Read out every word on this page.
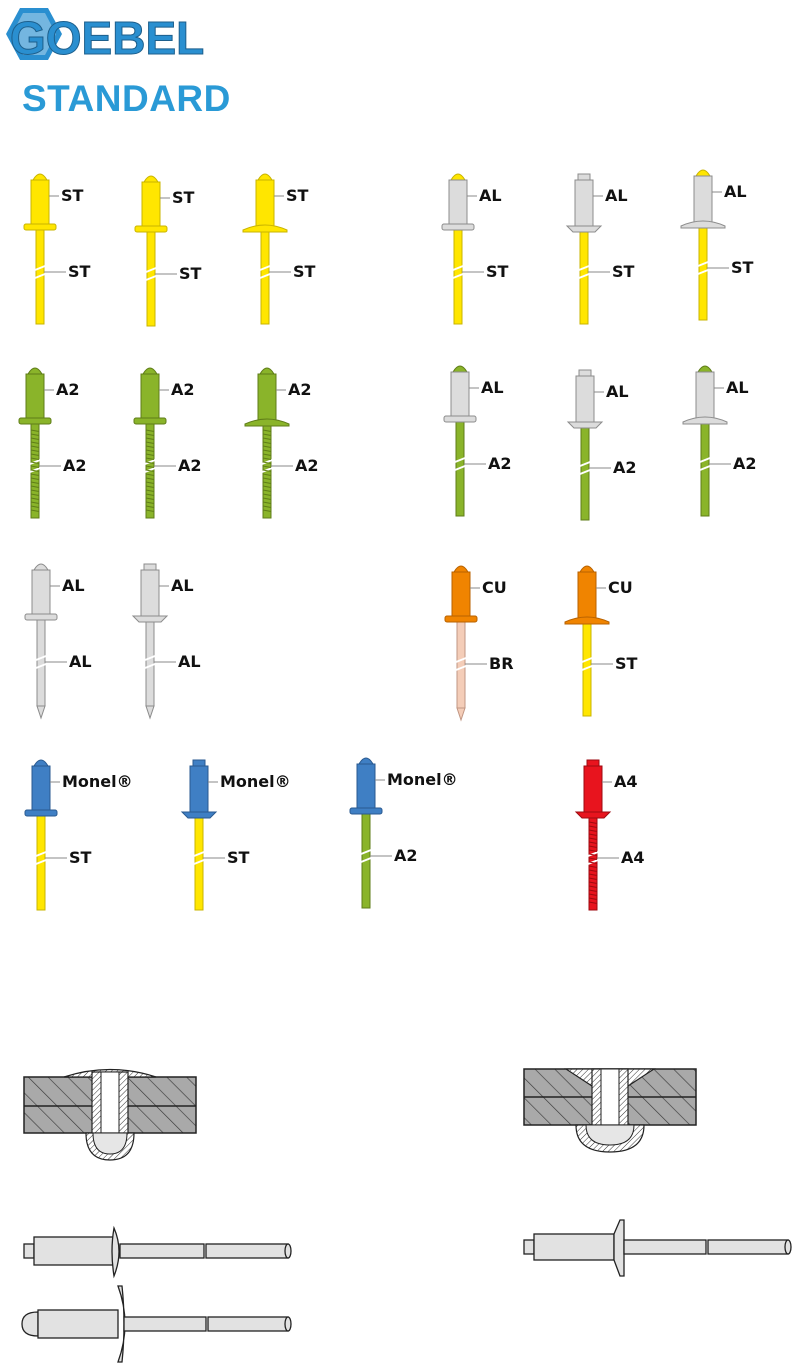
GOEBEL
STANDARD
ST
ST
ST
ST
ST
ST
AL
ST
AL
ST
AL
ST
A2
A2
A2
A2
A2
A2
AL
A2
AL
A2
AL
A2
AL
AL
AL
AL
CU
BR
CU
ST
Monel®
ST
Monel®
ST
Monel®
A2
A4
A4
